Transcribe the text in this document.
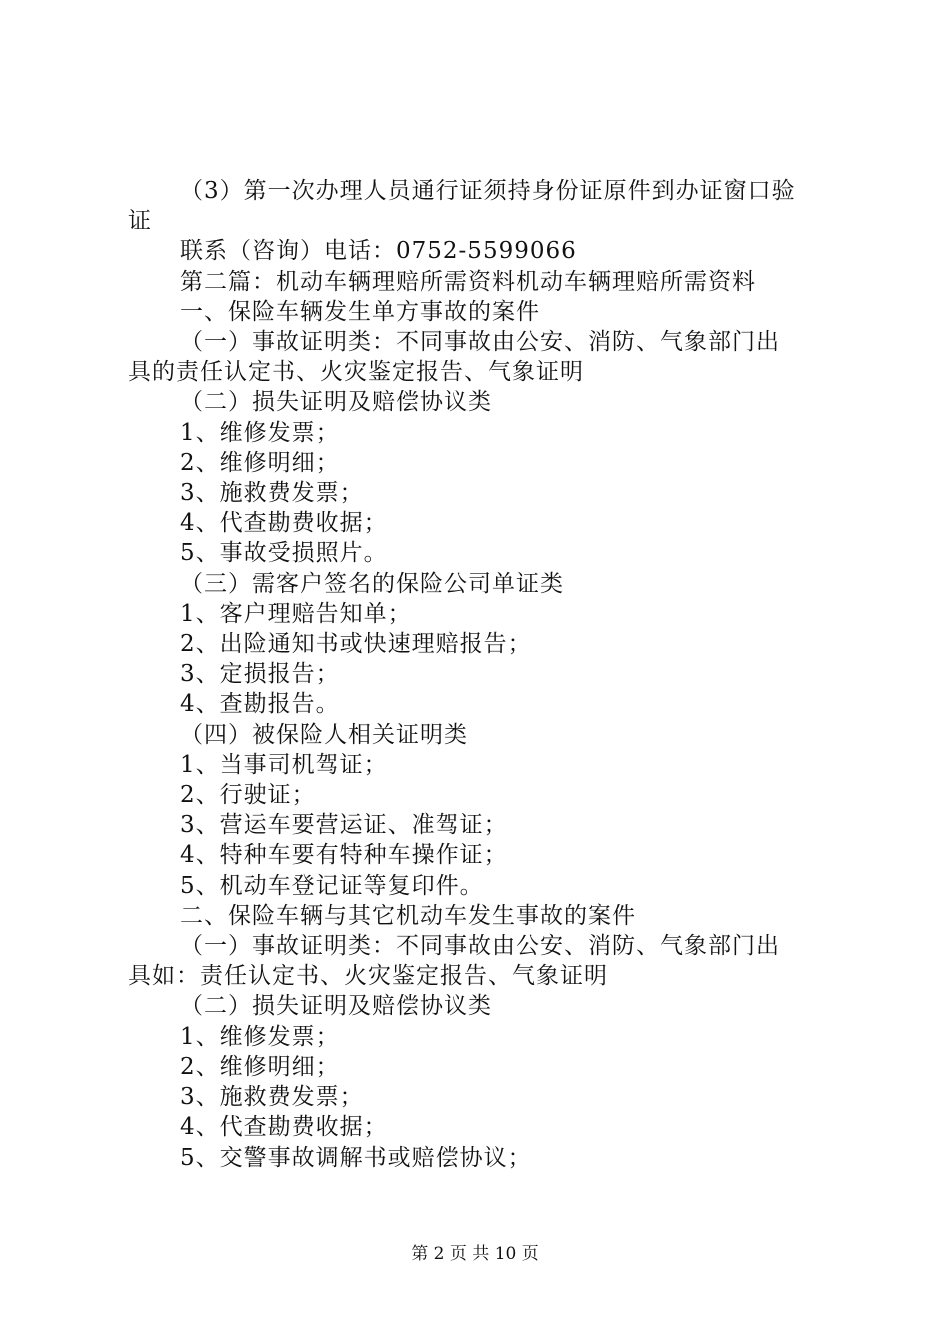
（3）第一次办理人员通行证须持身份证原件到办证窗口验

证

联系（咨询）电话：0752-5599066

第二篇：机动车辆理赔所需资料机动车辆理赔所需资料

一、保险车辆发生单方事故的案件

（一）事故证明类：不同事故由公安、消防、气象部门出

具的责任认定书、火灾鉴定报告、气象证明

（二）损失证明及赔偿协议类

1、维修发票；

2、维修明细；

3、施救费发票；

4、代查勘费收据；

5、事故受损照片。

（三）需客户签名的保险公司单证类

1、客户理赔告知单；

2、出险通知书或快速理赔报告；

3、定损报告；

4、查勘报告。

（四）被保险人相关证明类

1、当事司机驾证；

2、行驶证；

3、营运车要营运证、准驾证；

4、特种车要有特种车操作证；

5、机动车登记证等复印件。

二、保险车辆与其它机动车发生事故的案件

（一）事故证明类：不同事故由公安、消防、气象部门出

具如：责任认定书、火灾鉴定报告、气象证明

（二）损失证明及赔偿协议类

1、维修发票；

2、维修明细；

3、施救费发票；

4、代查勘费收据；

5、交警事故调解书或赔偿协议；

第 2 页 共 10 页
